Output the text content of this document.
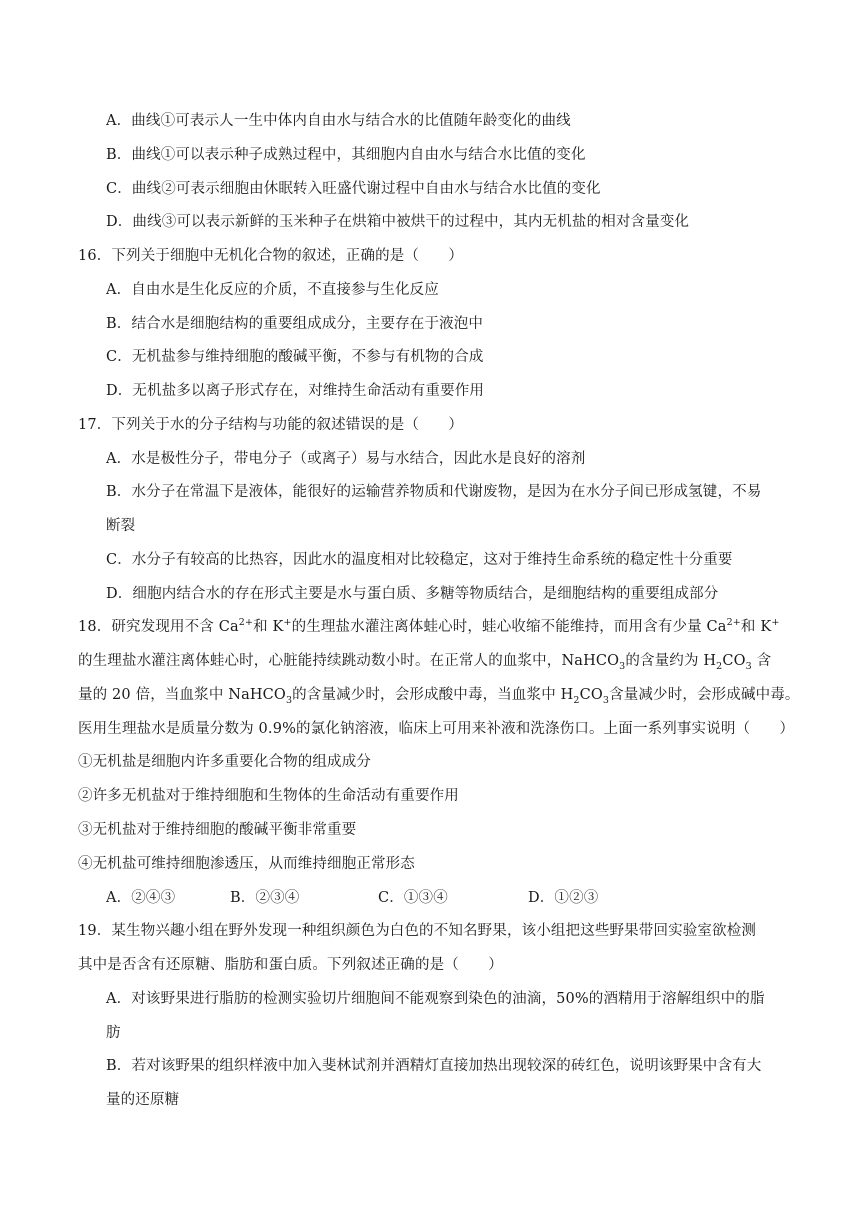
A．曲线①可表示人一生中体内自由水与结合水的比值随年龄变化的曲线
B．曲线①可以表示种子成熟过程中，其细胞内自由水与结合水比值的变化
C．曲线②可表示细胞由休眠转入旺盛代谢过程中自由水与结合水比值的变化
D．曲线③可以表示新鲜的玉米种子在烘箱中被烘干的过程中，其内无机盐的相对含量变化
16．下列关于细胞中无机化合物的叙述，正确的是（　　）
A．自由水是生化反应的介质，不直接参与生化反应
B．结合水是细胞结构的重要组成成分，主要存在于液泡中
C．无机盐参与维持细胞的酸碱平衡，不参与有机物的合成
D．无机盐多以离子形式存在，对维持生命活动有重要作用
17．下列关于水的分子结构与功能的叙述错误的是（　　）
A．水是极性分子，带电分子（或离子）易与水结合，因此水是良好的溶剂
B．水分子在常温下是液体，能很好的运输营养物质和代谢废物，是因为在水分子间已形成氢键，不易
断裂
C．水分子有较高的比热容，因此水的温度相对比较稳定，这对于维持生命系统的稳定性十分重要
D．细胞内结合水的存在形式主要是水与蛋白质、多糖等物质结合，是细胞结构的重要组成部分
18．研究发现用不含 $Ca^{2+}$和 K+的生理盐水灌注离体蛙心时，蛙心收缩不能维持，而用含有少量 $Ca^{2+}$和 K+
的生理盐水灌注离体蛙心时，心脏能持续跳动数小时。在正常人的血浆中，NaHCO$_3$的含量约为 $H_2CO_3$ 含
量的 20 倍，当血浆中 NaHCO$_3$的含量减少时，会形成酸中毒，当血浆中 $H_2CO_3$含量减少时，会形成碱中毒。
医用生理盐水是质量分数为 0.9%的氯化钠溶液，临床上可用来补液和洗涤伤口。上面一系列事实说明（　　）
①无机盐是细胞内许多重要化合物的组成成分
②许多无机盐对于维持细胞和生物体的生命活动有重要作用
③无机盐对于维持细胞的酸碱平衡非常重要
④无机盐可维持细胞渗透压，从而维持细胞正常形态
A．②④③	B．②③④	C．①③④	D．①②③
19．某生物兴趣小组在野外发现一种组织颜色为白色的不知名野果，该小组把这些野果带回实验室欲检测
其中是否含有还原糖、脂肪和蛋白质。下列叙述正确的是（　　）
A．对该野果进行脂肪的检测实验切片细胞间不能观察到染色的油滴，50%的酒精用于溶解组织中的脂
肪
B．若对该野果的组织样液中加入斐林试剂并酒精灯直接加热出现较深的砖红色，说明该野果中含有大
量的还原糖
